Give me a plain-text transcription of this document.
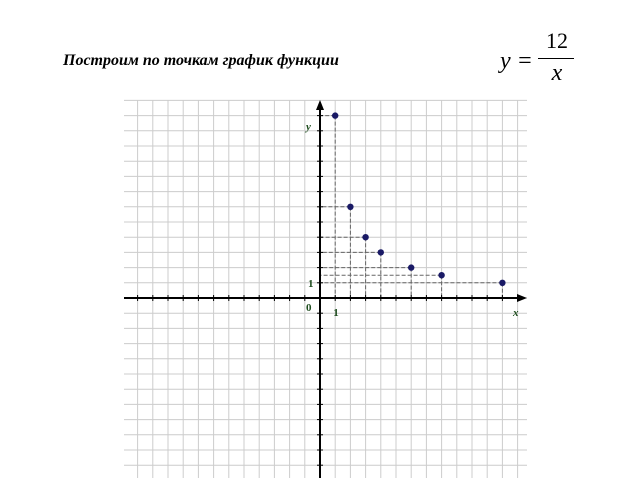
Построим по точкам график функции	y =
12
x
0 1
1
x
y
